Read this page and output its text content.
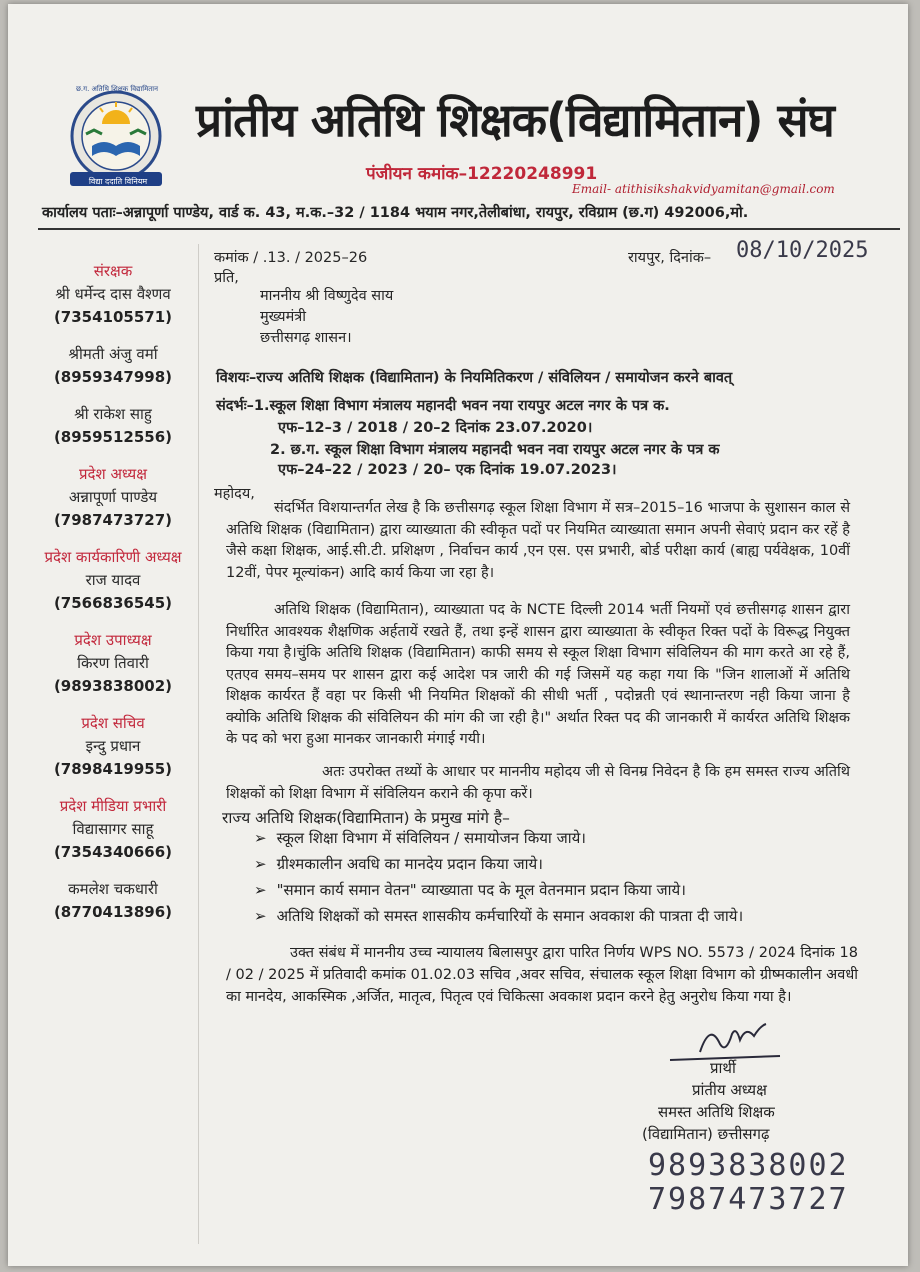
छ.ग. अतिथि शिक्षक विद्यामितान
विद्या ददाति विनियम
प्रांतीय अतिथि शिक्षक(विद्यामितान) संघ
पंजीयन कमांक–12220248991
Email- atithisikshakvidyamitan@gmail.com
कार्यालय पताः–अन्नापूर्णा पाण्डेय, वार्ड क. 43, म.क.–32 / 1184 भयाम नगर,तेलीबांधा, रायपुर, रविग्राम (छ.ग) 492006,मो.
संरक्षक
श्री धर्मेन्द दास वैश्णव
(7354105571)
श्रीमती अंजु वर्मा
(8959347998)
श्री राकेश साहु
(8959512556)
प्रदेश अध्यक्ष
अन्नापूर्णा पाण्डेय
(7987473727)
प्रदेश कार्यकारिणी अध्यक्ष
राज यादव
(7566836545)
प्रदेश उपाध्यक्ष
किरण तिवारी
(9893838002)
प्रदेश सचिव
इन्दु प्रधान
(7898419955)
प्रदेश मीडिया प्रभारी
विद्यासागर साहू
(7354340666)
कमलेश चकधारी
(8770413896)
कमांक / .13. / 2025–26	रायपुर, दिनांक– 08/10/2025
प्रति,
माननीय श्री विष्णुदेव साय
मुख्यमंत्री
छत्तीसगढ़ शासन।
विशयः–राज्य अतिथि शिक्षक (विद्यामितान) के नियमितिकरण / संविलियन / समायोजन करने बावत्
संदर्भः–1.स्कूल शिक्षा विभाग मंत्रालय महानदी भवन नया रायपुर अटल नगर के पत्र क.
एफ–12–3 / 2018 / 20–2 दिनांक 23.07.2020।
2. छ.ग. स्कूल शिक्षा विभाग मंत्रालय महानदी भवन नवा रायपुर अटल नगर के पत्र क
एफ–24–22 / 2023 / 20– एक दिनांक 19.07.2023।
महोदय,
संदर्भित विशयान्तर्गत लेख है कि छत्तीसगढ़ स्कूल शिक्षा विभाग में सत्र–2015–16 भाजपा के सुशासन काल से अतिथि शिक्षक (विद्यामितान) द्वारा व्याख्याता की स्वीकृत पदों पर नियमित व्याख्याता समान अपनी सेवाएं प्रदान कर रहें है जैसे कक्षा शिक्षक, आई.सी.टी. प्रशिक्षण , निर्वाचन कार्य ,एन एस. एस प्रभारी, बोर्ड परीक्षा कार्य (बाह्य पर्यवेक्षक, 10वीं 12वीं, पेपर मूल्यांकन) आदि कार्य किया जा रहा है।
अतिथि शिक्षक (विद्यामितान), व्याख्याता पद के NCTE दिल्ली 2014 भर्ती नियमों एवं छत्तीसगढ़ शासन द्वारा निर्धारित आवश्यक शैक्षणिक अर्हतायें रखते हैं, तथा इन्हें शासन द्वारा व्याख्याता के स्वीकृत रिक्त पदों के विरूद्ध नियुक्त किया गया है।चुंकि अतिथि शिक्षक (विद्यामितान) काफी समय से स्कूल शिक्षा विभाग संविलियन की माग करते आ रहे हैं, एतएव समय–समय पर शासन द्वारा कई आदेश पत्र जारी की गई जिसमें यह कहा गया कि "जिन शालाओं में अतिथि शिक्षक कार्यरत हैं वहा पर किसी भी नियमित शिक्षकों की सीधी भर्ती , पदोन्नती एवं स्थानान्तरण नही किया जाना है क्योकि अतिथि शिक्षक की संविलियन की मांग की जा रही है।" अर्थात रिक्त पद की जानकारी में कार्यरत अतिथि शिक्षक के पद को भरा हुआ मानकर जानकारी मंगाई गयी।
अतः उपरोक्त तथ्यों के आधार पर माननीय महोदय जी से विनम्र निवेदन है कि हम समस्त राज्य अतिथि शिक्षकों को शिक्षा विभाग में संविलियन कराने की कृपा करें।
राज्य अतिथि शिक्षक(विद्यामितान) के प्रमुख मांगे है–
➢ स्कूल शिक्षा विभाग में संविलियन / समायोजन किया जाये।
➢ ग्रीश्मकालीन अवधि का मानदेय प्रदान किया जाये।
➢ "समान कार्य समान वेतन" व्याख्याता पद के मूल वेतनमान प्रदान किया जाये।
➢ अतिथि शिक्षकों को समस्त शासकीय कर्मचारियों के समान अवकाश की पात्रता दी जाये।
उक्त संबंध में माननीय उच्च न्यायालय बिलासपुर द्वारा पारित निर्णय WPS NO. 5573 / 2024 दिनांक 18 / 02 / 2025 में प्रतिवादी कमांक 01.02.03 सचिव ,अवर सचिव, संचालक स्कूल शिक्षा विभाग को ग्रीष्मकालीन अवधी का मानदेय, आकस्मिक ,अर्जित, मातृत्व, पितृत्व एवं चिकित्सा अवकाश प्रदान करने हेतु अनुरोध किया गया है।
प्रार्थी
प्रांतीय अध्यक्ष
समस्त अतिथि शिक्षक
(विद्यामितान) छत्तीसगढ़
9893838002
7987473727
